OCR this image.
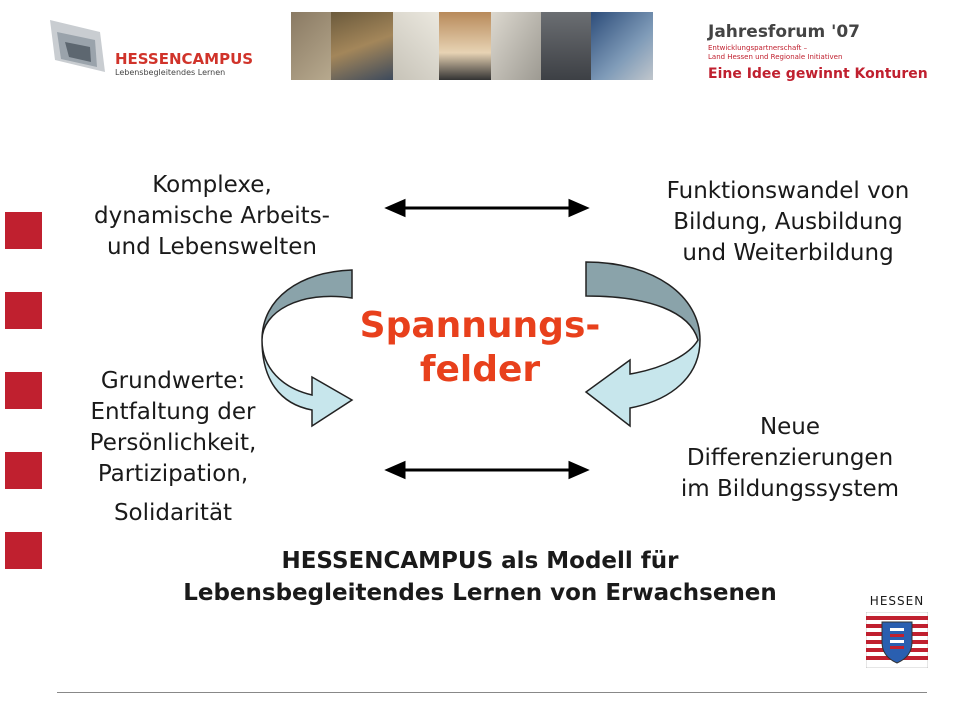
HESSENCAMPUS
Lebensbegleitendes Lernen
Jahresforum '07
Entwicklungspartnerschaft –
Land Hessen und Regionale Initiativen
Eine Idee gewinnt Konturen
Spannungs-
felder
Komplexe,
dynamische Arbeits-
und Lebenswelten
Funktionswandel von
Bildung, Ausbildung
und Weiterbildung
Grundwerte:
Entfaltung der
Persönlichkeit,
Partizipation,
Solidarität
Neue
Differenzierungen
im Bildungssystem
HESSENCAMPUS als Modell für
Lebensbegleitendes Lernen von Erwachsenen	HESSEN
